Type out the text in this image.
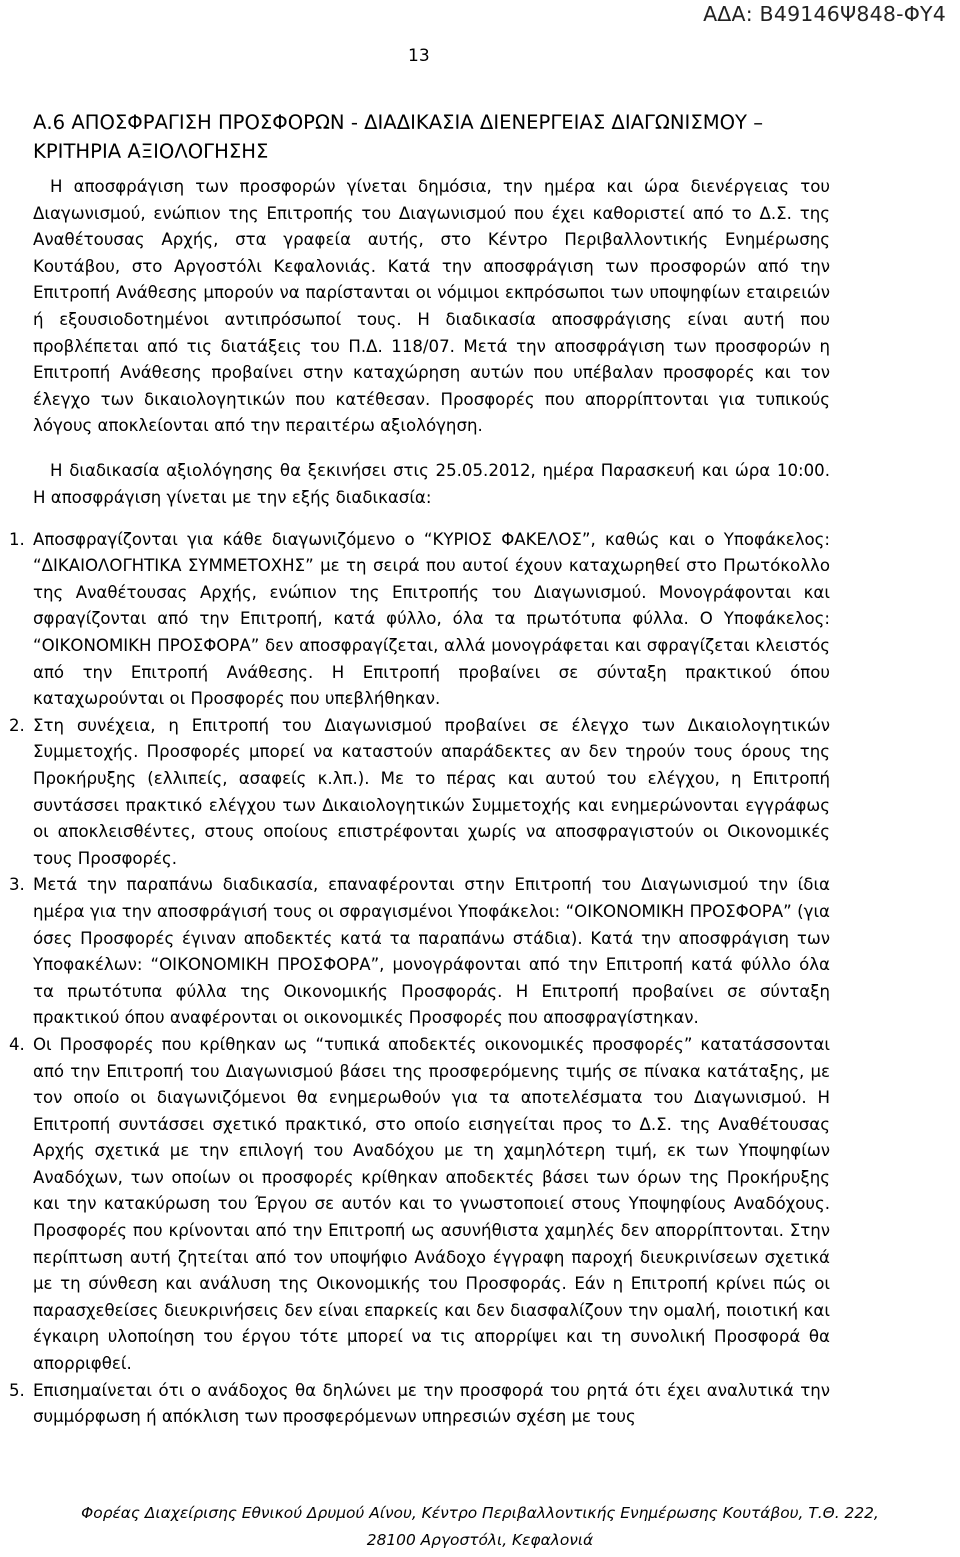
ΑΔΑ: Β49146Ψ848-ΦΥ4
13
Α.6 ΑΠΟΣΦΡΑΓΙΣΗ ΠΡΟΣΦΟΡΩΝ - ΔΙΑΔΙΚΑΣΙΑ ΔΙΕΝΕΡΓΕΙΑΣ ΔΙΑΓΩΝΙΣΜΟΥ – ΚΡΙΤΗΡΙΑ ΑΞΙΟΛΟΓΗΣΗΣ

Η αποσφράγιση των προσφορών γίνεται δημόσια, την ημέρα και ώρα διενέργειας του Διαγωνισμού, ενώπιον της Επιτροπής του Διαγωνισμού που έχει καθοριστεί από το Δ.Σ. της Αναθέτουσας Αρχής, στα γραφεία αυτής, στο Κέντρο Περιβαλλοντικής Ενημέρωσης Κουτάβου, στο Αργοστόλι Κεφαλονιάς. Κατά την αποσφράγιση των προσφορών από την Επιτροπή Ανάθεσης μπορούν να παρίστανται οι νόμιμοι εκπρόσωποι των υποψηφίων εταιρειών ή εξουσιοδοτημένοι αντιπρόσωποί τους. Η διαδικασία αποσφράγισης είναι αυτή που προβλέπεται από τις διατάξεις του Π.Δ. 118/07. Μετά την αποσφράγιση των προσφορών η Επιτροπή Ανάθεσης προβαίνει στην καταχώρηση αυτών που υπέβαλαν προσφορές και τον έλεγχο των δικαιολογητικών που κατέθεσαν. Προσφορές που απορρίπτονται για τυπικούς λόγους αποκλείονται από την περαιτέρω αξιολόγηση.

Η διαδικασία αξιολόγησης θα ξεκινήσει στις 25.05.2012, ημέρα Παρασκευή και ώρα 10:00. Η αποσφράγιση γίνεται με την εξής διαδικασία:

1. Αποσφραγίζονται για κάθε διαγωνιζόμενο ο “ΚΥΡΙΟΣ ΦΑΚΕΛΟΣ”, καθώς και ο Υποφάκελος: “ΔΙΚΑΙΟΛΟΓΗΤΙΚΑ ΣΥΜΜΕΤΟΧΗΣ” με τη σειρά που αυτοί έχουν καταχωρηθεί στο Πρωτόκολλο της Αναθέτουσας Αρχής, ενώπιον της Επιτροπής του Διαγωνισμού. Μονογράφονται και σφραγίζονται από την Επιτροπή, κατά φύλλο, όλα τα πρωτότυπα φύλλα. Ο Υποφάκελος: “ΟΙΚΟΝΟΜΙΚΗ ΠΡΟΣΦΟΡΑ” δεν αποσφραγίζεται, αλλά μονογράφεται και σφραγίζεται κλειστός από την Επιτροπή Ανάθεσης. Η Επιτροπή προβαίνει σε σύνταξη πρακτικού όπου καταχωρούνται οι Προσφορές που υπεβλήθηκαν.
2. Στη συνέχεια, η Επιτροπή του Διαγωνισμού προβαίνει σε έλεγχο των Δικαιολογητικών Συμμετοχής. Προσφορές μπορεί να καταστούν απαράδεκτες αν δεν τηρούν τους όρους της Προκήρυξης (ελλιπείς, ασαφείς κ.λπ.). Με το πέρας και αυτού του ελέγχου, η Επιτροπή συντάσσει πρακτικό ελέγχου των Δικαιολογητικών Συμμετοχής και ενημερώνονται εγγράφως οι αποκλεισθέντες, στους οποίους επιστρέφονται χωρίς να αποσφραγιστούν οι Οικονομικές τους Προσφορές.
3. Μετά την παραπάνω διαδικασία, επαναφέρονται στην Επιτροπή του Διαγωνισμού την ίδια ημέρα για την αποσφράγισή τους οι σφραγισμένοι Υποφάκελοι: “ΟΙΚΟΝΟΜΙΚΗ ΠΡΟΣΦΟΡΑ” (για όσες Προσφορές έγιναν αποδεκτές κατά τα παραπάνω στάδια). Κατά την αποσφράγιση των Υποφακέλων: “ΟΙΚΟΝΟΜΙΚΗ ΠΡΟΣΦΟΡΑ”, μονογράφονται από την Επιτροπή κατά φύλλο όλα τα πρωτότυπα φύλλα της Οικονομικής Προσφοράς. Η Επιτροπή προβαίνει σε σύνταξη πρακτικού όπου αναφέρονται οι οικονομικές Προσφορές που αποσφραγίστηκαν.
4. Οι Προσφορές που κρίθηκαν ως “τυπικά αποδεκτές οικονομικές προσφορές” κατατάσσονται από την Επιτροπή του Διαγωνισμού βάσει της προσφερόμενης τιμής σε πίνακα κατάταξης, με τον οποίο οι διαγωνιζόμενοι θα ενημερωθούν για τα αποτελέσματα του Διαγωνισμού. Η Επιτροπή συντάσσει σχετικό πρακτικό, στο οποίο εισηγείται προς το Δ.Σ. της Αναθέτουσας Αρχής σχετικά με την επιλογή του Αναδόχου με τη χαμηλότερη τιμή, εκ των Υποψηφίων Αναδόχων, των οποίων οι προσφορές κρίθηκαν αποδεκτές βάσει των όρων της Προκήρυξης και την κατακύρωση του Έργου σε αυτόν και το γνωστοποιεί στους Υποψηφίους Αναδόχους. Προσφορές που κρίνονται από την Επιτροπή ως ασυνήθιστα χαμηλές δεν απορρίπτονται. Στην περίπτωση αυτή ζητείται από τον υποψήφιο Ανάδοχο έγγραφη παροχή διευκρινίσεων σχετικά με τη σύνθεση και ανάλυση της Οικονομικής του Προσφοράς. Εάν η Επιτροπή κρίνει πώς οι παρασχεθείσες διευκρινήσεις δεν είναι επαρκείς και δεν διασφαλίζουν την ομαλή, ποιοτική και έγκαιρη υλοποίηση του έργου τότε μπορεί να τις απορρίψει και τη συνολική Προσφορά θα απορριφθεί.
5. Επισημαίνεται ότι ο ανάδοχος θα δηλώνει με την προσφορά του ρητά ότι έχει αναλυτικά την συμμόρφωση ή απόκλιση των προσφερόμενων υπηρεσιών σχέση με τους
Φορέας Διαχείρισης Εθνικού Δρυμού Αίνου, Κέντρο Περιβαλλοντικής Ενημέρωσης Κουτάβου, Τ.Θ. 222,
28100 Αργοστόλι, Κεφαλονιά
